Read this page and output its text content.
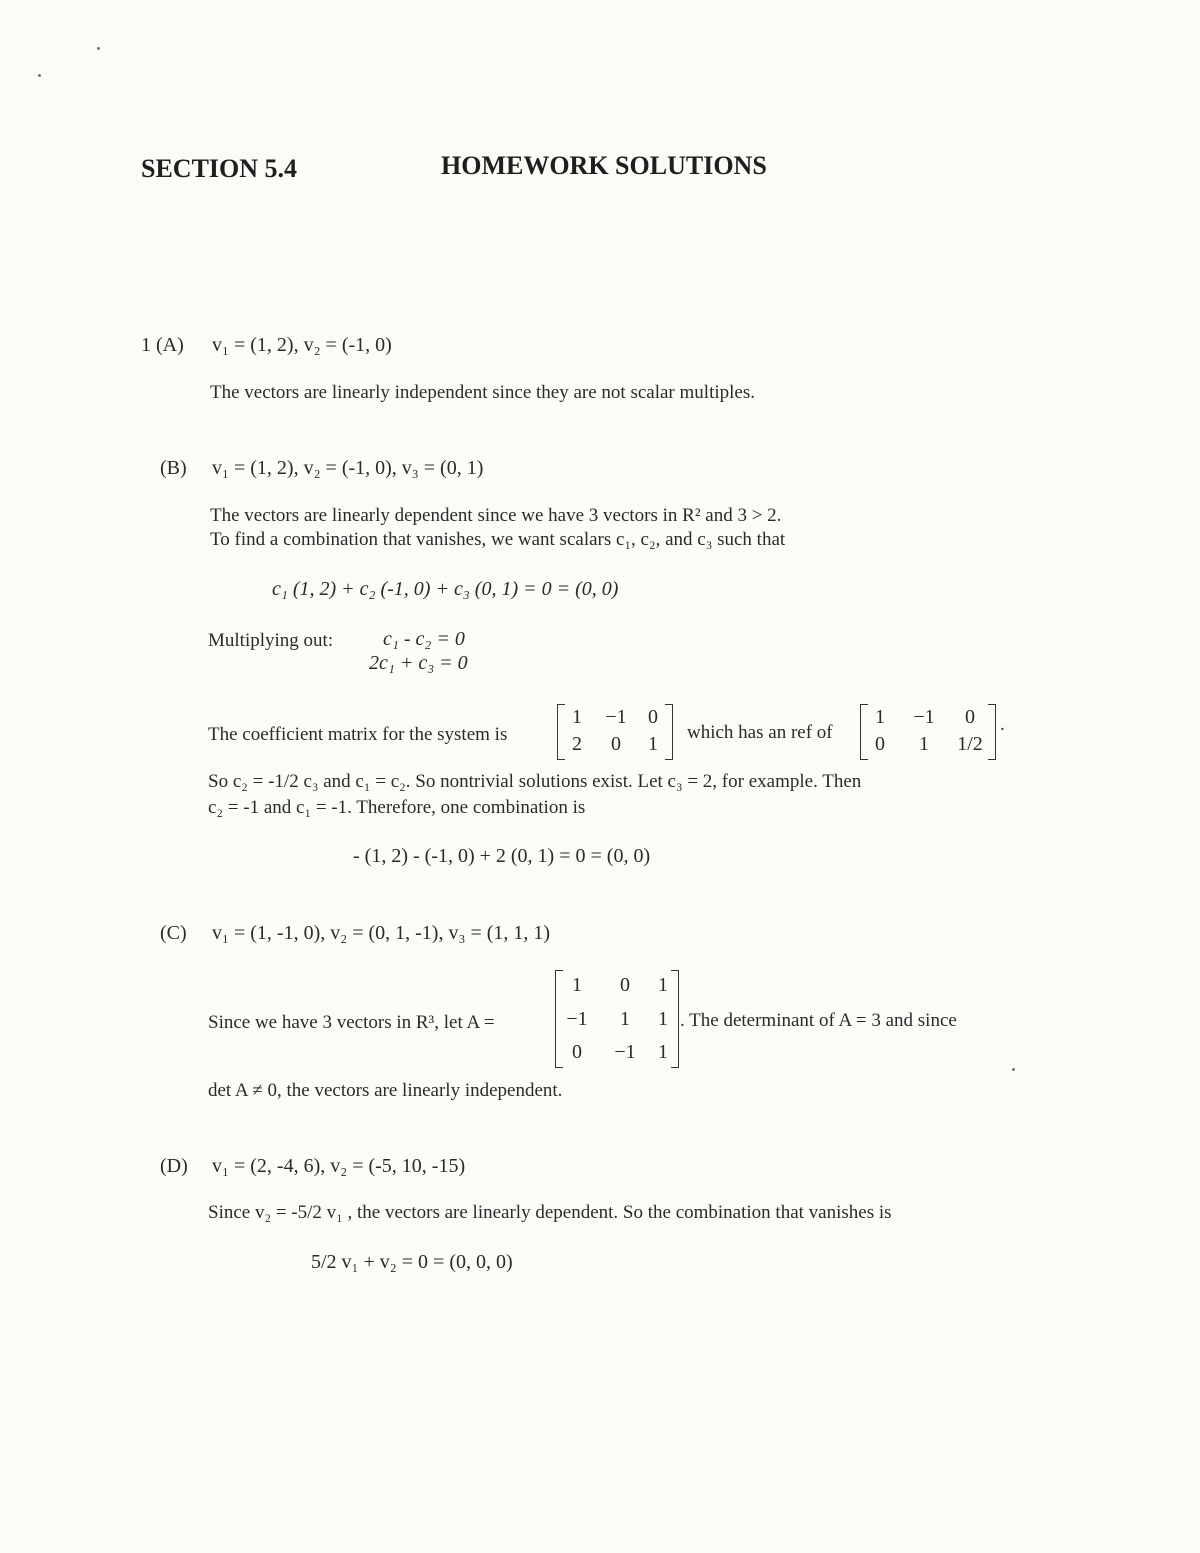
SECTION 5.4	HOMEWORK SOLUTIONS
1 (A) v₁ = (1, 2), v₂ = (-1, 0)
The vectors are linearly independent since they are not scalar multiples.
(B) v₁ = (1, 2), v₂ = (-1, 0), v₃ = (0, 1)
The vectors are linearly dependent since we have 3 vectors in R² and 3 > 2.
To find a combination that vanishes, we want scalars c₁, c₂, and c₃ such that
c₁ (1, 2) + c₂ (-1, 0) + c₃ (0, 1) = 0 = (0, 0)
Multiplying out: c₁ - c₂ = 0
2c₁ + c₃ = 0
The coefficient matrix for the system is
1	−1	0
2	0	1
which has an ref of
1	−1	0
0	1	1/2
.
So c₂ = -1/2 c₃ and c₁ = c₂. So nontrivial solutions exist. Let c₃ = 2, for example. Then
c₂ = -1 and c₁ = -1. Therefore, one combination is
- (1, 2) - (-1, 0) + 2 (0, 1) = 0 = (0, 0)
(C) v₁ = (1, -1, 0), v₂ = (0, 1, -1), v₃ = (1, 1, 1)
Since we have 3 vectors in R³, let A =
1	0	1
−1	1	1
0	−1	1
. The determinant of A = 3 and since
det A ≠ 0, the vectors are linearly independent.
(D) v₁ = (2, -4, 6), v₂ = (-5, 10, -15)
Since v₂ = -5/2 v₁ , the vectors are linearly dependent. So the combination that vanishes is
5/2 v₁ + v₂ = 0 = (0, 0, 0)
